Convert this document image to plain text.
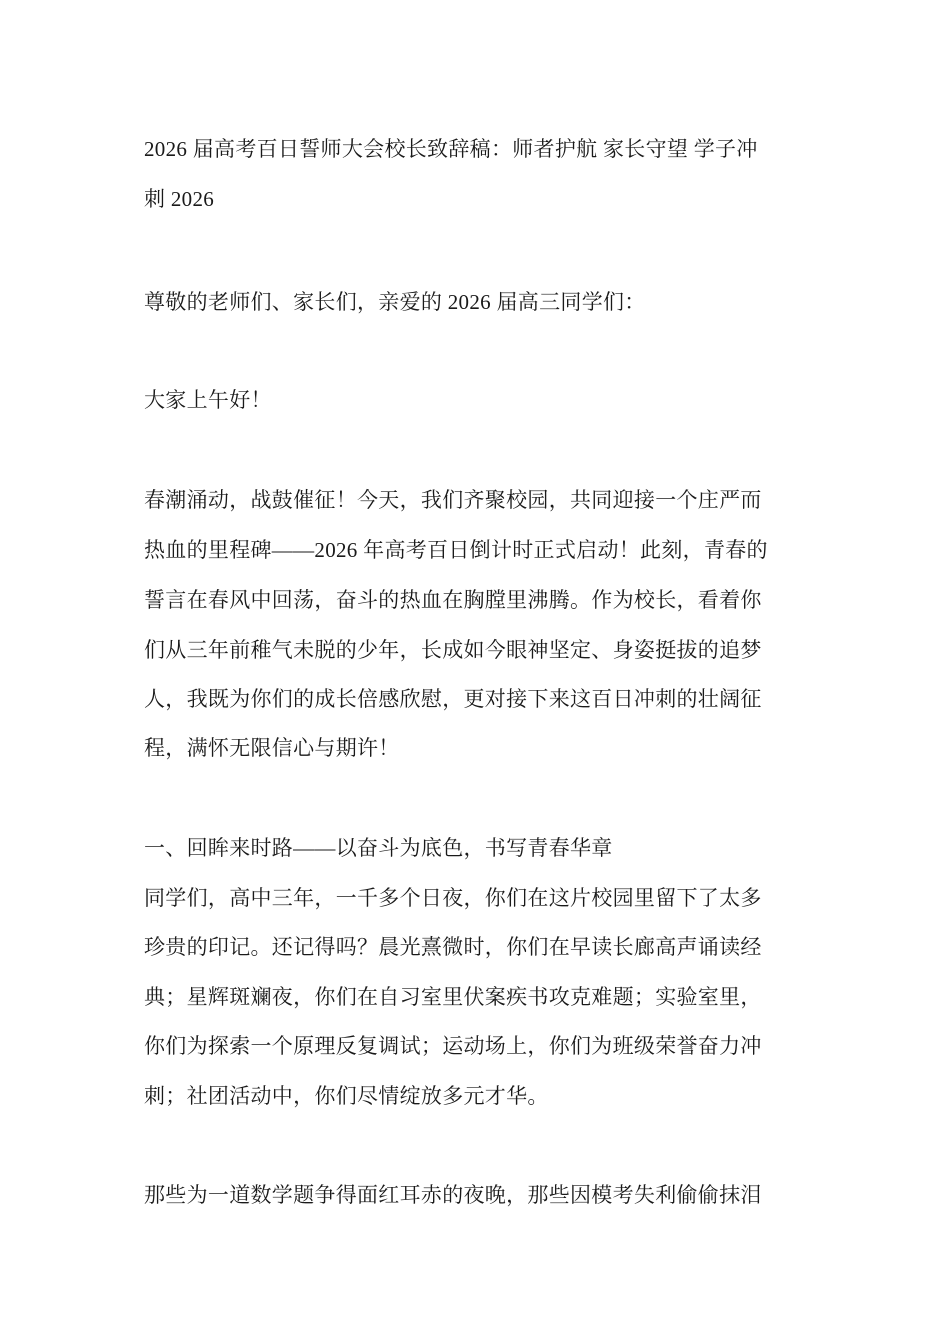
2026 届高考百日誓师大会校长致辞稿：师者护航 家长守望 学子冲
刺 2026
尊敬的老师们、家长们，亲爱的 2026 届高三同学们：
大家上午好！
春潮涌动，战鼓催征！今天，我们齐聚校园，共同迎接一个庄严而
热血的里程碑——2026 年高考百日倒计时正式启动！此刻，青春的
誓言在春风中回荡，奋斗的热血在胸膛里沸腾。作为校长，看着你
们从三年前稚气未脱的少年，长成如今眼神坚定、身姿挺拔的追梦
人，我既为你们的成长倍感欣慰，更对接下来这百日冲刺的壮阔征
程，满怀无限信心与期许！
一、回眸来时路——以奋斗为底色，书写青春华章
同学们，高中三年，一千多个日夜，你们在这片校园里留下了太多
珍贵的印记。还记得吗？晨光熹微时，你们在早读长廊高声诵读经
典；星辉斑斓夜，你们在自习室里伏案疾书攻克难题；实验室里，
你们为探索一个原理反复调试；运动场上，你们为班级荣誉奋力冲
刺；社团活动中，你们尽情绽放多元才华。
那些为一道数学题争得面红耳赤的夜晚，那些因模考失利偷偷抹泪
